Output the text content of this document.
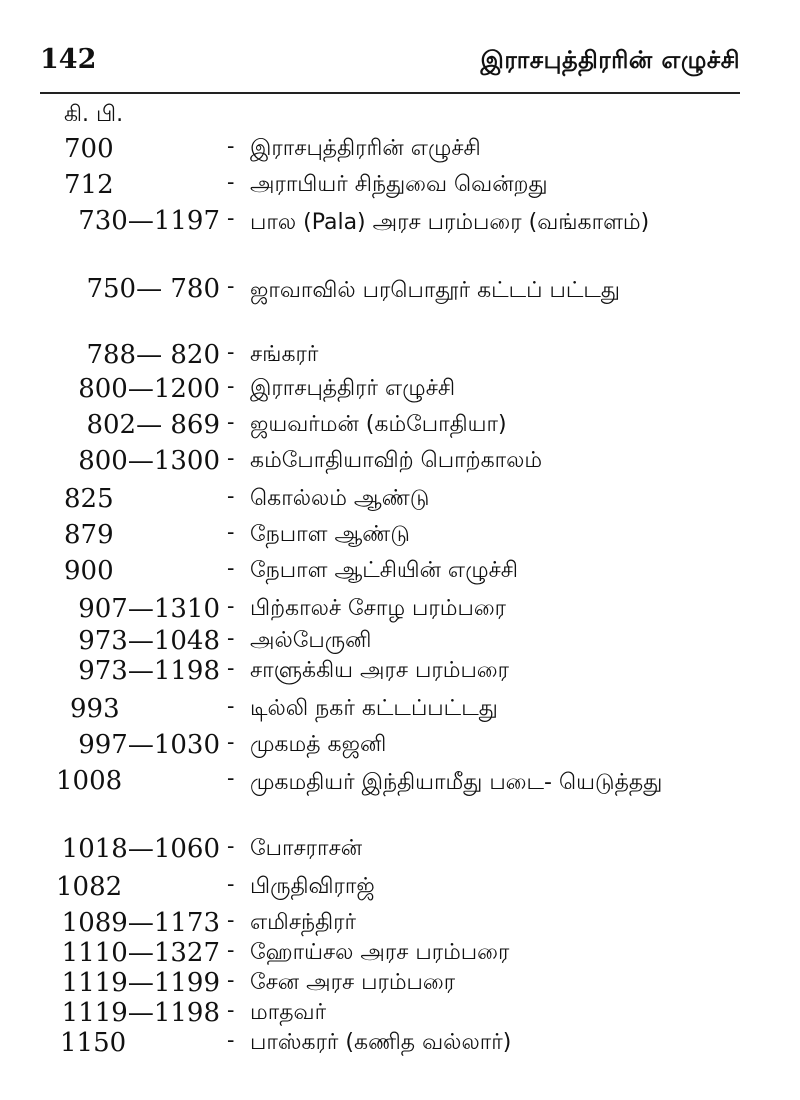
142	இராசபுத்திரரின் எழுச்சி
கி. பி.
700	- இராசபுத்திரரின் எழுச்சி
712	- அராபியர் சிந்துவை வென்றது
730—1197 - பால (Pala) அரச பரம்பரை (வங்காளம்)
750— 780 - ஜாவாவில் பரபொதூர் கட்டப் பட்டது
788— 820 - சங்கரர்
800—1200 - இராசபுத்திரர் எழுச்சி
802— 869 - ஜயவர்மன் (கம்போதியா)
800—1300 - கம்போதியாவிற் பொற்காலம்
825	- கொல்லம் ஆண்டு
879	- நேபாள ஆண்டு
900	- நேபாள ஆட்சியின் எழுச்சி
907—1310 - பிற்காலச் சோழ பரம்பரை
973—1048 - அல்பேருனி
973—1198 - சாளுக்கிய அரச பரம்பரை
993	- டில்லி நகர் கட்டப்பட்டது
997—1030 - முகமத் கஜனி
1008	- முகமதியர் இந்தியாமீது படை- யெடுத்தது
1018—1060 - போசராசன்
1082	- பிருதிவிராஜ்
1089—1173 - எமிசந்திரர்
1110—1327 - ஹோய்சல அரச பரம்பரை
1119—1199 - சேன அரச பரம்பரை
1119—1198 - மாதவர்
1150	- பாஸ்கரர் (கணித வல்லார்)
